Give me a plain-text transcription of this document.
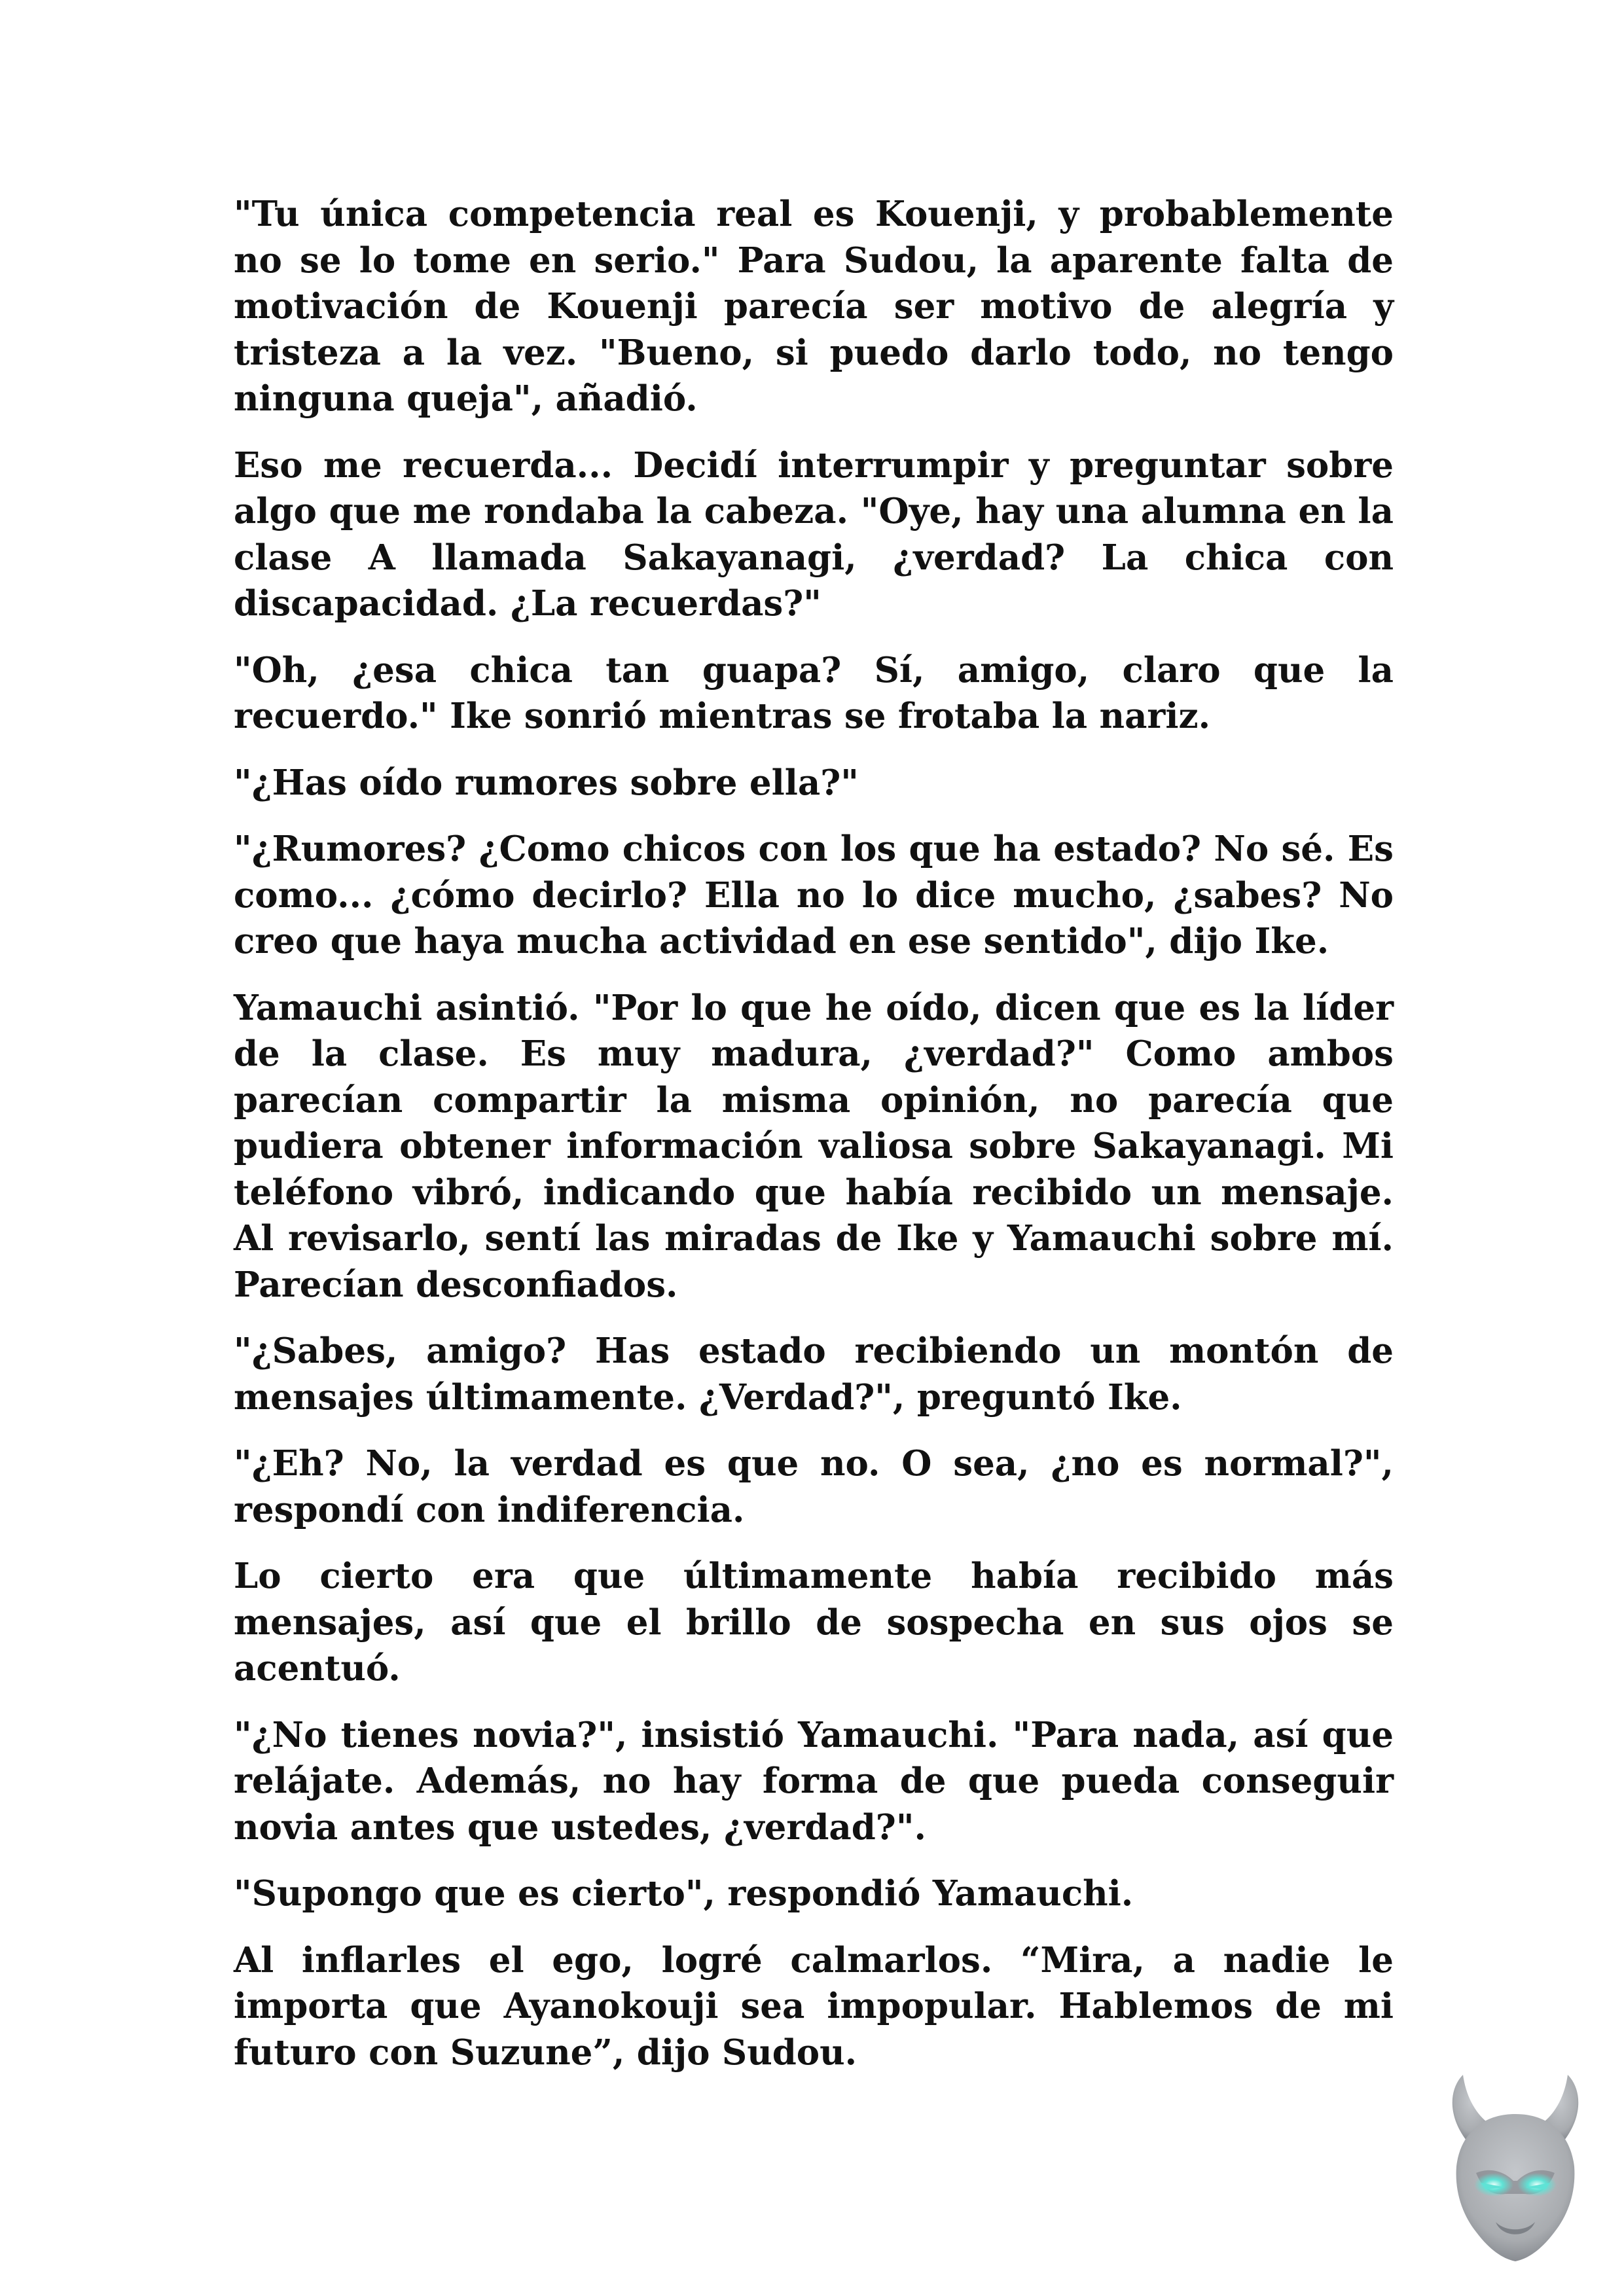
"Tu única competencia real es Kouenji, y probablemente no se lo tome en serio." Para Sudou, la aparente falta de motivación de Kouenji parecía ser motivo de alegría y tristeza a la vez. "Bueno, si puedo darlo todo, no tengo ninguna queja", añadió.

Eso me recuerda... Decidí interrumpir y preguntar sobre algo que me rondaba la cabeza. "Oye, hay una alumna en la clase A llamada Sakayanagi, ¿verdad? La chica con discapacidad. ¿La recuerdas?"

"Oh, ¿esa chica tan guapa? Sí, amigo, claro que la recuerdo." Ike sonrió mientras se frotaba la nariz.

"¿Has oído rumores sobre ella?"

"¿Rumores? ¿Como chicos con los que ha estado? No sé. Es como... ¿cómo decirlo? Ella no lo dice mucho, ¿sabes? No creo que haya mucha actividad en ese sentido", dijo Ike.

Yamauchi asintió. "Por lo que he oído, dicen que es la líder de la clase. Es muy madura, ¿verdad?" Como ambos parecían compartir la misma opinión, no parecía que pudiera obtener información valiosa sobre Sakayanagi. Mi teléfono vibró, indicando que había recibido un mensaje. Al revisarlo, sentí las miradas de Ike y Yamauchi sobre mí. Parecían desconfiados.

"¿Sabes, amigo? Has estado recibiendo un montón de mensajes últimamente. ¿Verdad?", preguntó Ike.

"¿Eh? No, la verdad es que no. O sea, ¿no es normal?", respondí con indiferencia.

Lo cierto era que últimamente había recibido más mensajes, así que el brillo de sospecha en sus ojos se acentuó.

"¿No tienes novia?", insistió Yamauchi. "Para nada, así que relájate. Además, no hay forma de que pueda conseguir novia antes que ustedes, ¿verdad?".

"Supongo que es cierto", respondió Yamauchi.

Al inflarles el ego, logré calmarlos. “Mira, a nadie le importa que Ayanokouji sea impopular. Hablemos de mi futuro con Suzune”, dijo Sudou.
